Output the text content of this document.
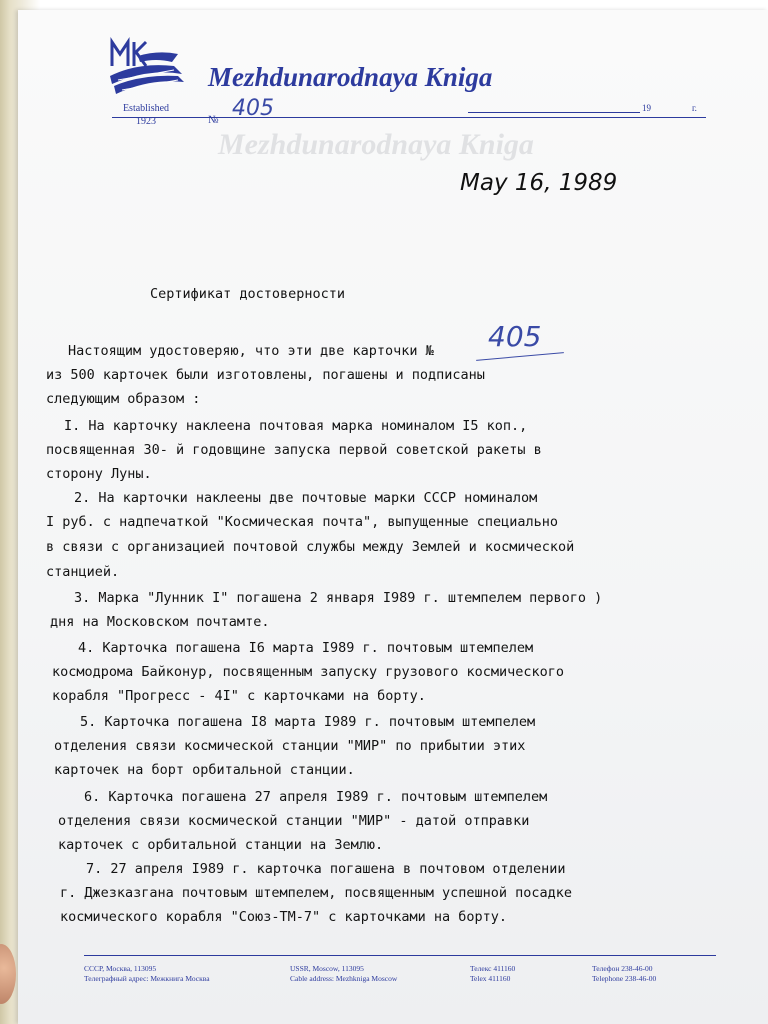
Mezhdunarodnaya Kniga
Mezhdunarodnaya Kniga
Established
1923	№ 405	19	г.
May 16, 1989
Сертификат достоверности
405
Настоящим удостоверяю, что эти две карточки №
из 500 карточек были изготовлены, погашены и подписаны
следующим образом :
I. На карточку наклеена почтовая марка номиналом I5 коп.,
посвященная 30- й годовщине запуска первой советской ракеты в
сторону Луны.
2. На карточки наклеены две почтовые марки СССР номиналом
I руб. с надпечаткой "Космическая почта", выпущенные специально
в связи с организацией почтовой службы между Землей и космической
станцией.
3. Марка "Лунник I" погашена 2 января I989 г. штемпелем первого )
дня на Московском почтамте.
4. Карточка погашена I6 марта I989 г. почтовым штемпелем
космодрома Байконур, посвященным запуску грузового космического
корабля "Прогресс - 4I" с карточками на борту.
5. Карточка погашена I8 марта I989 г. почтовым штемпелем
отделения связи космической станции "МИР" по прибытии этих
карточек на борт орбитальной станции.
6. Карточка погашена 27 апреля I989 г. почтовым штемпелем
отделения связи космической станции "МИР" - датой отправки
карточек с орбитальной станции на Землю.
7. 27 апреля I989 г. карточка погашена в почтовом отделении
г. Джезказгана почтовым штемпелем, посвященным успешной посадке
космического корабля "Союз-ТМ-7" с карточками на борту.
СССР, Москва, 113095
Телеграфный адрес: Межкнига Москва
USSR, Moscow, 113095
Cable address: Mezhkniga Moscow
Телекс 411160
Telex 411160
Телефон 238-46-00
Telephone 238-46-00
